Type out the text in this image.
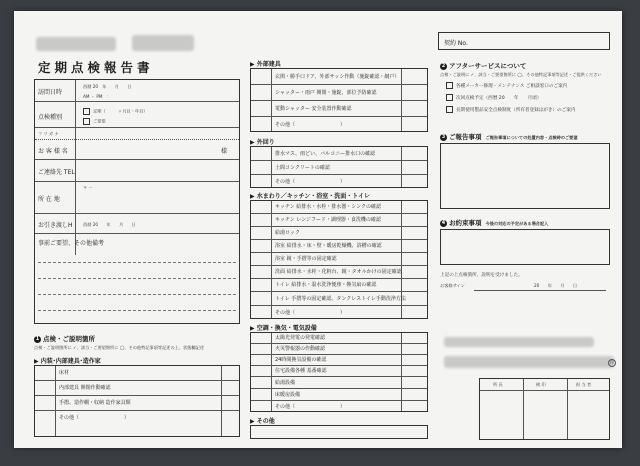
定期点検報告書
契約 No.
訪問日時
西暦 20　年　　月　　日
AM ・ PM　：
点検種別
定期（　　　ヶ月目・年目）
ご要望
フ リ ガ ナ
お 客 様 名	様
ご連絡先 TEL
所 在 地
〒 －
お引き渡しH 西暦 20　　年　　月　　日
事前ご要望、その他備考
1 点検・ご説明箇所
点検・ご説明箇所に ✓、該当・ご要望箇所に ◯、その他特記事項等記述の上、状態欄記述
▶ 内装･内部建具･造作家
床材
内部建具 開閉作動確認
手摺、造作棚・収納 造作家具類
その他（　　　　　　　　　）
▶ 外部建具
玄関・勝手口ドア、外部サッシ作動（施錠確認・網戸）
シャッター・雨戸 開閉・施錠、部位予防確認
電動シャッター 安全装置作動確認
その他（　　　　　　　　　）
▶ 外回り
排水マス、雨どい、バルコニー排水口の確認
土間コンクリートの確認
その他（　　　　　　　　　）
▶ 水まわり／キッチン・浴室・洗面・トイレ
キッチン 給排水・水栓・排水器・シンクの確認
キッチン レンジフード・調理器・食洗機の確認
給湯ロック
浴室 給排水・床・壁・暖房乾燥機、浴槽の確認
浴室 鏡・手摺等の固定確認
洗面 給排水・水栓・化粧台、鏡・タオルかけの固定確認
トイレ 給排水・温水洗浄便座・換気扇の確認
トイレ 手摺等の固定確認、タンクレストイレ手動洗浄方法
その他（　　　　　　　　　）
▶ 空調・換気・電気設備
太陽光発電の発電確認
火災警報器の作動確認
24時間換気設備の確認
住宅設備各種 基番確認
給湯設備
床暖房設備
その他（　　　　　　　　　）
▶ その他
2 アフターサービスについて
点検・ご説明に ✓、該当・ご要望箇所に ◯、その他特記事項等記述・ご提供ください
各種メーカー修理・メンテナンス ご相談窓口のご案内
次回点検予定（西暦 20　　年　　月頃）
長期使用製品安全点検制度（所有者登録はがき）のご案内
3 ご報告事項 ご報告事項についての処置内容・点検時のご要望
4 お約束事項 今後の対応の予定がある場合記入
上記の上点検箇所、説明を受けました。
お客様サイン	20　　年　　月　　日
印
所 長	検 印	担 当 者
